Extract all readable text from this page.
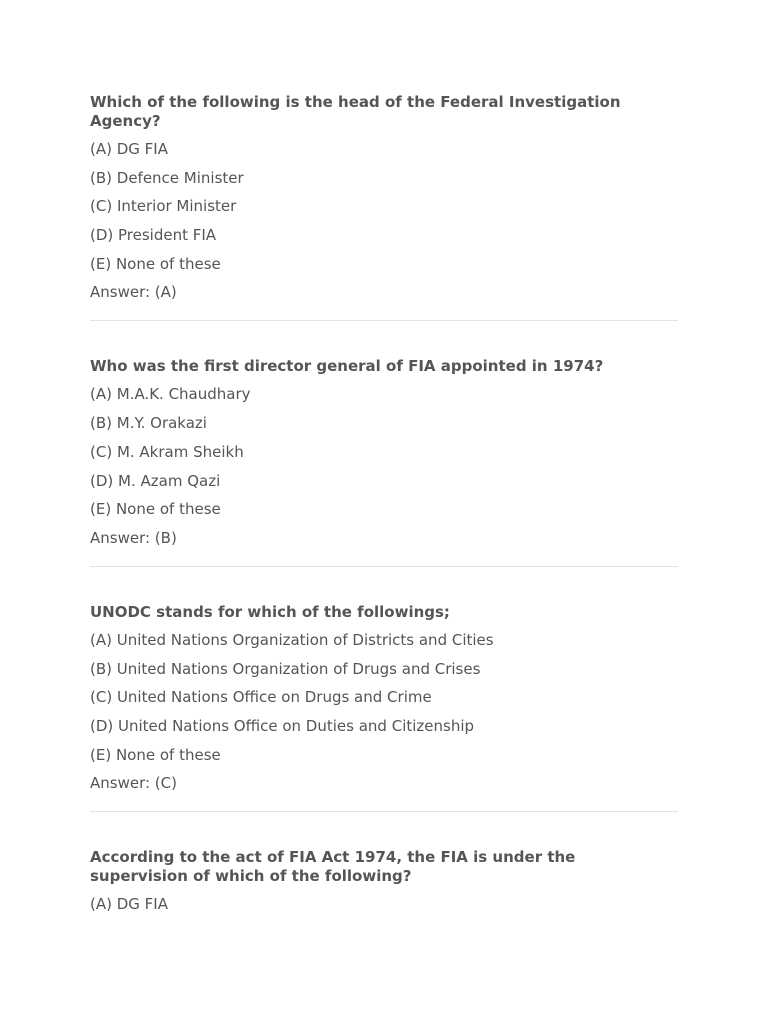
Which of the following is the head of the Federal Investigation Agency?

(A) DG FIA

(B) Defence Minister

(C) Interior Minister

(D) President FIA

(E) None of these

Answer: (A)

Who was the first director general of FIA appointed in 1974?

(A) M.A.K. Chaudhary

(B) M.Y. Orakazi

(C) M. Akram Sheikh

(D) M. Azam Qazi

(E) None of these

Answer: (B)

UNODC stands for which of the followings;

(A) United Nations Organization of Districts and Cities

(B) United Nations Organization of Drugs and Crises

(C) United Nations Office on Drugs and Crime

(D) United Nations Office on Duties and Citizenship

(E) None of these

Answer: (C)

According to the act of FIA Act 1974, the FIA is under the supervision of which of the following?

(A) DG FIA
